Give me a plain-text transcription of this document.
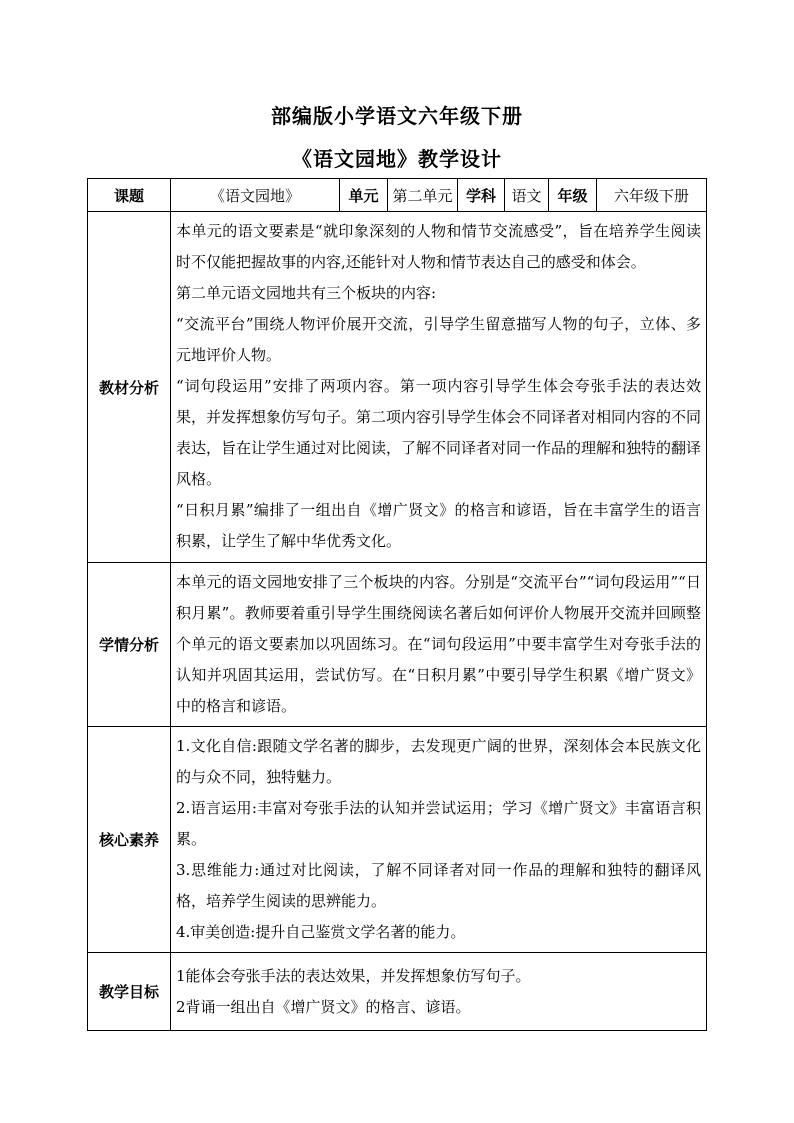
部编版小学语文六年级下册
《语文园地》教学设计
课题	《语文园地》	单元	第二单元	学科	语文	年级	六年级下册
教材分析	本单元的语文要素是“就印象深刻的人物和情节交流感受”，旨在培养学生阅读时不仅能把握故事的内容,还能针对人物和情节表达自己的感受和体会。

第二单元语文园地共有三个板块的内容:

“交流平台”围绕人物评价展开交流，引导学生留意描写人物的句子，立体、多元地评价人物。

“词句段运用”安排了两项内容。第一项内容引导学生体会夸张手法的表达效果，并发挥想象仿写句子。第二项内容引导学生体会不同译者对相同内容的不同表达，旨在让学生通过对比阅读，了解不同译者对同一作品的理解和独特的翻译风格。

“日积月累”编排了一组出自《增广贤文》的格言和谚语，旨在丰富学生的语言积累，让学生了解中华优秀文化。						

学情分析	本单元的语文园地安排了三个板块的内容。分别是“交流平台”“词句段运用”“日积月累”。教师要着重引导学生围绕阅读名著后如何评价人物展开交流并回顾整个单元的语文要素加以巩固练习。在“词句段运用”中要丰富学生对夸张手法的认知并巩固其运用，尝试仿写。在“日积月累”中要引导学生积累《增广贤文》中的格言和谚语。						

核心素养	1.文化自信:跟随文学名著的脚步，去发现更广阔的世界，深刻体会本民族文化的与众不同，独特魅力。

2.语言运用:丰富对夸张手法的认知并尝试运用；学习《增广贤文》丰富语言积累。

3.思维能力:通过对比阅读，了解不同译者对同一作品的理解和独特的翻译风格，培养学生阅读的思辨能力。

4.审美创造:提升自己鉴赏文学名著的能力。						

教学目标	1能体会夸张手法的表达效果，并发挥想象仿写句子。

2背诵一组出自《增广贤文》的格言、谚语。						
